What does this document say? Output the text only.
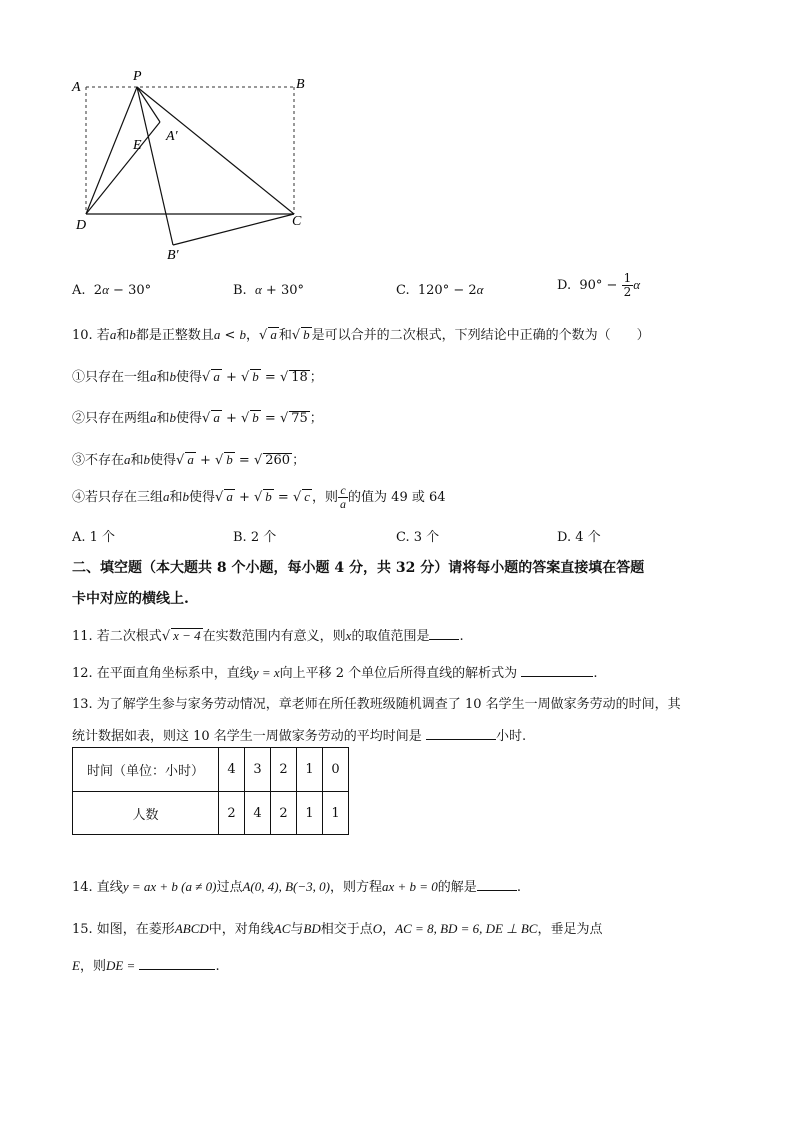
A
P
B
E
A′
D	C
B′
A. 2α − 30°	B. α + 30°	C. 120° − 2α	D. $90^\circ - \frac{1}{2}$ α
10. 若a和b都是正整数且a < b，√ a 和√ b 是可以合并的二次根式，下列结论中正确的个数为（　　）
①只存在一组a和b使得√ a + √ b = √ 18 ；
②只存在两组a和b使得√ a + √ b = √ 75 ；
③不存在a和b使得√ a + √ b = √ 260 ；
④若只存在三组a和b使得√ a + √ b = √ c ，则 $\frac{c}{a}$ 的值为 49 或 64
A. 1 个	B. 2 个	C. 3 个	D. 4 个
二、填空题（本大题共 8 个小题，每小题 4 分，共 32 分）请将每小题的答案直接填在答题
卡中对应的横线上.
11. 若二次根式√ x − 4 在实数范围内有意义，则x的取值范围是 .
12. 在平面直角坐标系中，直线y = x向上平移 2 个单位后所得直线的解析式为	.
13. 为了解学生参与家务劳动情况，章老师在所任教班级随机调查了 10 名学生一周做家务劳动的时间，其
统计数据如表，则这 10 名学生一周做家务劳动的平均时间是	小时.
时间（单位：小时）	4	3	2	1	0
人数	2	4	2	1	1
14. 直线y = ax + b (a ≠ 0)过点A(0, 4), B(−3, 0)，则方程ax + b = 0的解是	.
15. 如图，在菱形ABCD中，对角线AC与BD相交于点O，AC = 8, BD = 6, DE ⊥ BC，垂足为点
E，则DE =	.
